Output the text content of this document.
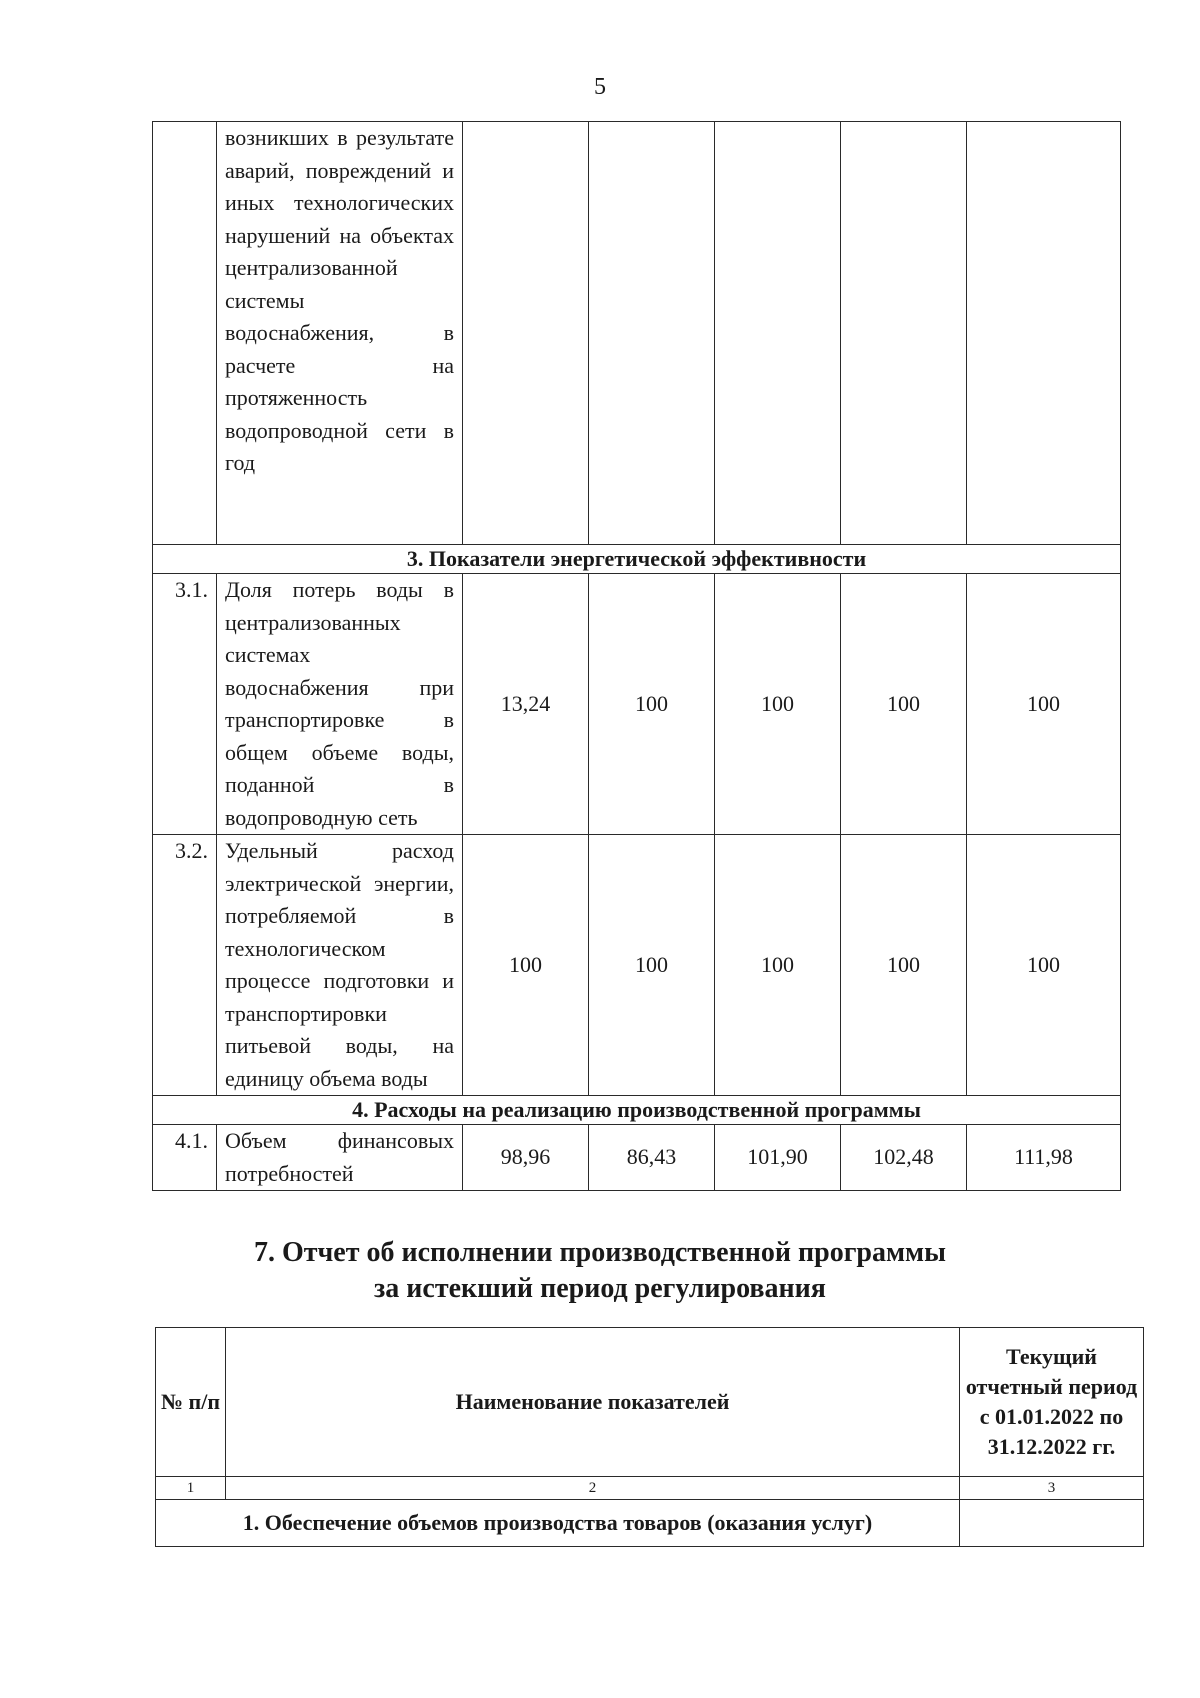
5
	возникших в результате аварий, повреждений и иных технологических нарушений на объектах централизованной системы водоснабжения, в расчете на протяженность водопроводной сети в год					
3. Показатели энергетической эффективности						
3.1.	Доля потерь воды в централизованных системах водоснабжения при транспортировке в общем объеме воды, поданной в водопроводную сеть	13,24	100	100	100	100
3.2.	Удельный расход электрической энергии, потребляемой в технологическом процессе подготовки и транспортировки питьевой воды, на единицу объема воды	100	100	100	100	100
4. Расходы на реализацию производственной программы						
4.1.	Объем финансовых потребностей	98,96	86,43	101,90	102,48	111,98
7. Отчет об исполнении производственной программы
за истекший период регулирования
№ п/п	Наименование показателей	Текущий отчетный период с 01.01.2022 по 31.12.2022 гг.
1	2	3
1. Обеспечение объемов производства товаров (оказания услуг)		
